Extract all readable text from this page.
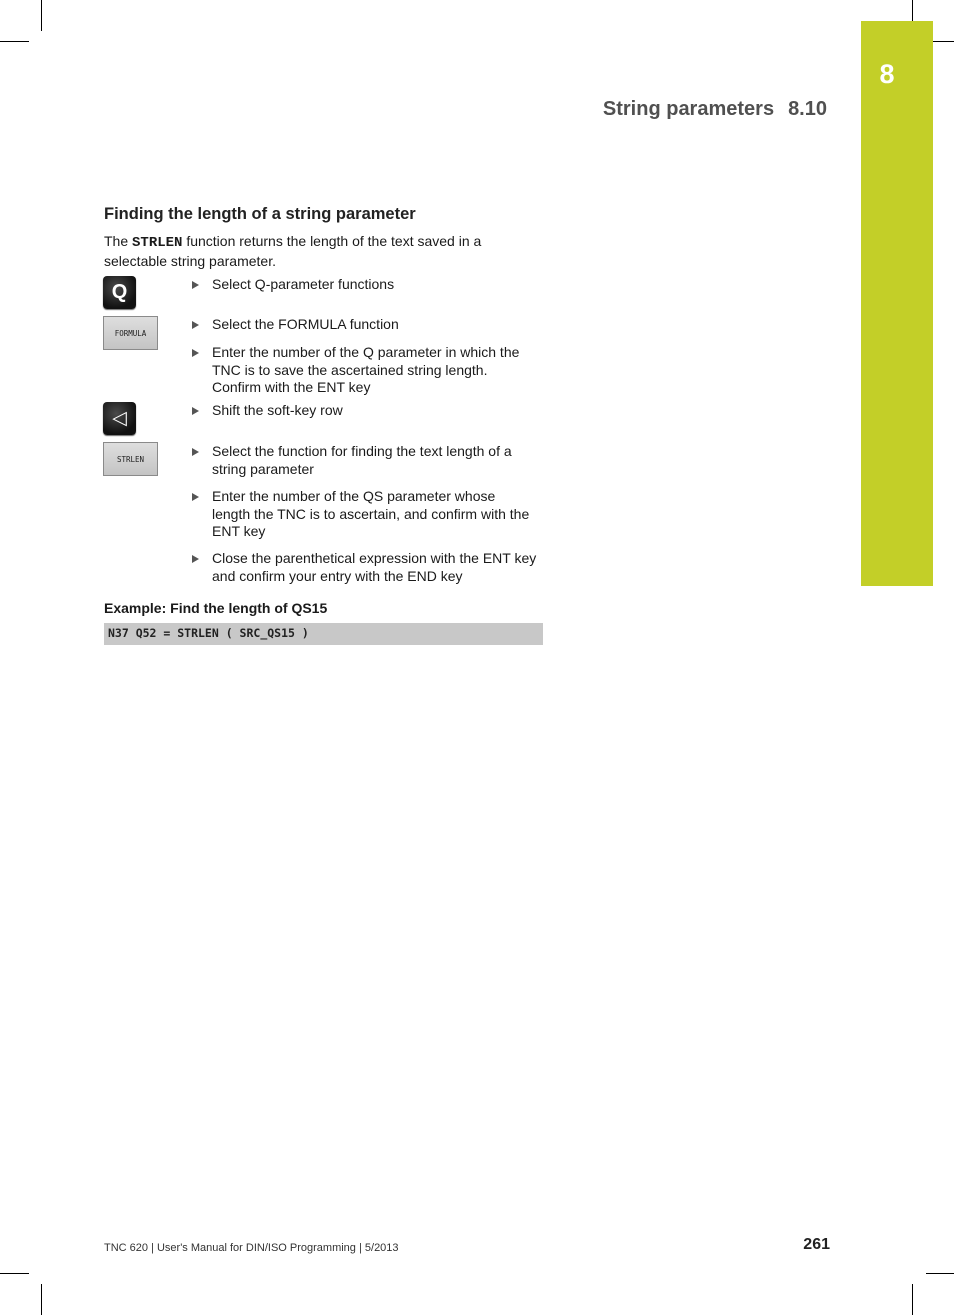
8
String parameters 8.10
Finding the length of a string parameter

The STRLEN function returns the length of the text saved in a selectable string parameter.

Q
FORMULA
◁
STRLEN
Select Q-parameter functions
Select the FORMULA function
Enter the number of the Q parameter in which the TNC is to save the ascertained string length. Confirm with the ENT key
Shift the soft-key row
Select the function for finding the text length of a string parameter
Enter the number of the QS parameter whose length the TNC is to ascertain, and confirm with the ENT key
Close the parenthetical expression with the ENT key and confirm your entry with the END key
Example: Find the length of QS15
N37 Q52 = STRLEN ( SRC_QS15 )
TNC 620 | User's Manual for DIN/ISO Programming | 5/2013	261
